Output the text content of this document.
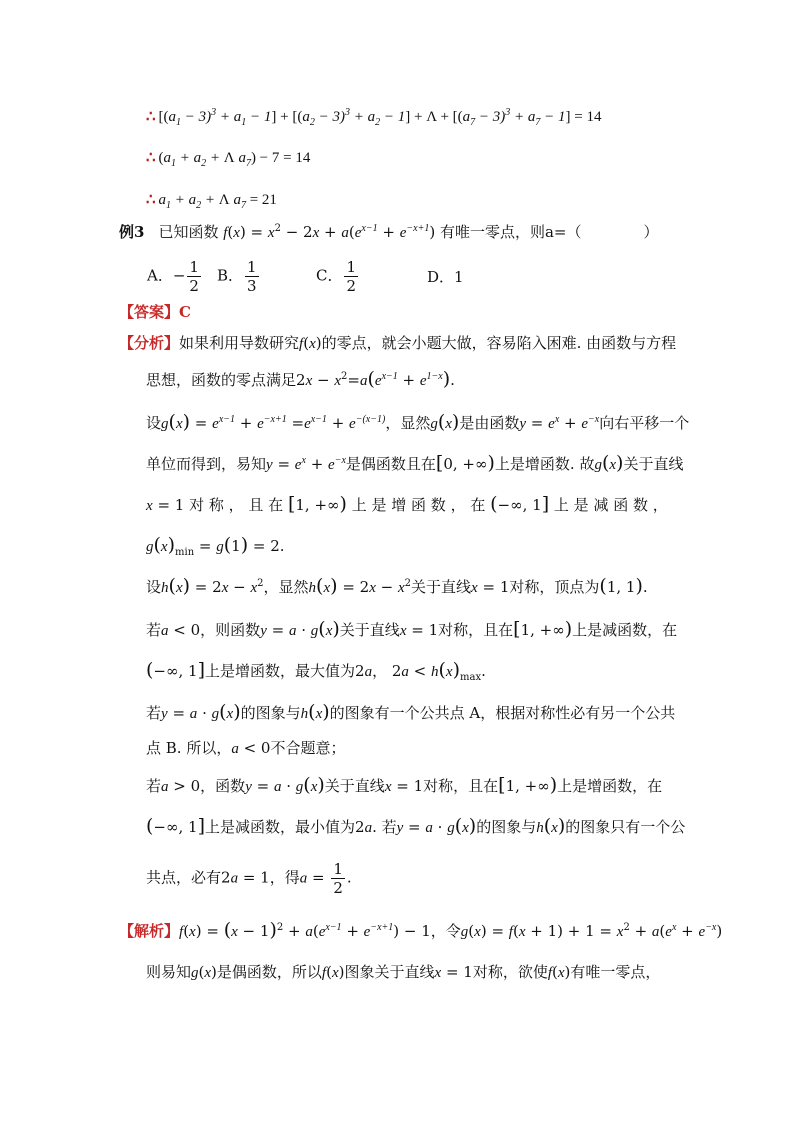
∴ $[(a_1 - 3)^3 + a_1 - 1] + [(a_2 - 3)^3 + a_2 - 1] + \Lambda + [(a_7 - 3)^3 + a_7 - 1] = 14$
∴ ($a_1 + a_2 + \Lambda$ $a_7) - 7 = 14$
∴ $a_1 + a_2 + \Lambda$ $a_7 = 21$
例3 已知函数 $f(x) = x^2 - 2x + a(e^{x-1} + e^{-x+1})$ 有唯一零点，则a=（	）
A．− $\frac{1}{2}$ B． $\frac{1}{3}$	C． $\frac{1}{2}$	D．1
【答案】C
【分析】如果利用导数研究f(x)的零点，就会小题大做，容易陷入困难. 由函数与方程
思想，函数的零点满足$2x - x^2=a(e^{x-1} + e^{1-x})$.
设$g(x) = e^{x-1} + e^{-x+1} =e^{x-1} + e^{-(x-1)}$，显然g(x)是由函数$y = e^x + e^{-x}$向右平移一个
单位而得到，易知$y = e^x + e^{-x}$是偶函数且在[0, +∞)上是增函数. 故g(x)关于直线
x = 1 对 称 ， 且 在 [1, +∞) 上 是 增 函 数 ， 在 (−∞, 1] 上 是 减 函 数 ，
$g(x)_{min} = g(1) = 2$.
设$h(x) = 2x - x^2$，显然$h(x) = 2x - x^2$关于直线x = 1对称，顶点为(1, 1).
若a < 0，则函数y = a · g(x)关于直线x = 1对称，且在[1, +∞)上是减函数，在
(−∞, 1]上是增函数，最大值为2a， $2a < h(x)_{max}$.
若y = a · g(x)的图象与h(x)的图象有一个公共点 A，根据对称性必有另一个公共
点 B. 所以，a < 0不合题意；
若a > 0，函数y = a · g(x)关于直线x = 1对称，且在[1, +∞)上是增函数，在
(−∞, 1]上是减函数，最小值为2a. 若y = a · g(x)的图象与h(x)的图象只有一个公
共点，必有2a = 1，得$a = \frac{1}{2}$ .
【解析】$f(x) = (x - 1)^2 + a(e^{x-1} + e^{-x+1}) - 1$，令$g(x) = f(x + 1) + 1 = x^2 + a(e^x + e^{-x})$
则易知g(x)是偶函数，所以f(x)图象关于直线x = 1对称，欲使f(x)有唯一零点，
